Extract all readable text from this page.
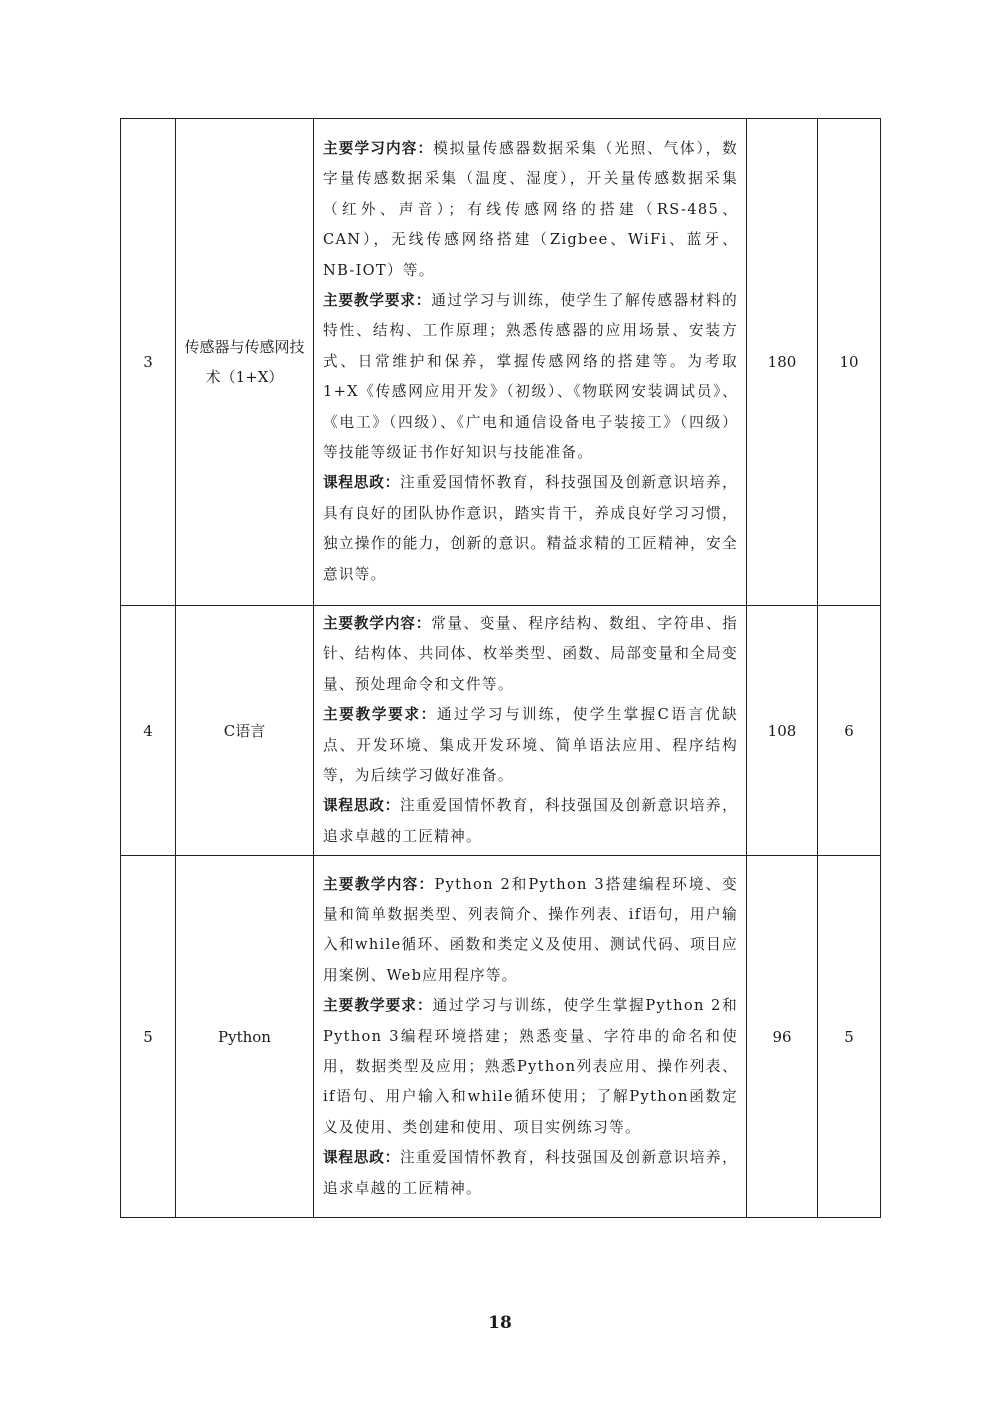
3	传感器与传感网技术（1+X）	主要学习内容：模拟量传感器数据采集（光照、气体），数字量传感数据采集（温度、湿度），开关量传感数据采集（红外、声音）；有线传感网络的搭建（RS-485、CAN），无线传感网络搭建（Zigbee、WiFi、蓝牙、NB-IOT）等。
主要教学要求：通过学习与训练，使学生了解传感器材料的特性、结构、工作原理；熟悉传感器的应用场景、安装方式、日常维护和保养，掌握传感网络的搭建等。为考取1+X《传感网应用开发》（初级）、《物联网安装调试员》、《电工》（四级）、《广电和通信设备电子装接工》（四级）等技能等级证书作好知识与技能准备。
课程思政：注重爱国情怀教育，科技强国及创新意识培养，具有良好的团队协作意识，踏实肯干，养成良好学习习惯，独立操作的能力，创新的意识。精益求精的工匠精神，安全意识等。	180	10
4	C语言	主要教学内容：常量、变量、程序结构、数组、字符串、指针、结构体、共同体、枚举类型、函数、局部变量和全局变量、预处理命令和文件等。
主要教学要求：通过学习与训练，使学生掌握C语言优缺点、开发环境、集成开发环境、简单语法应用、程序结构等，为后续学习做好准备。
课程思政：注重爱国情怀教育，科技强国及创新意识培养，追求卓越的工匠精神。	108	6
5	Python	主要教学内容：Python 2和Python 3搭建编程环境、变量和简单数据类型、列表简介、操作列表、if语句，用户输入和while循环、函数和类定义及使用、测试代码、项目应用案例、Web应用程序等。
主要教学要求：通过学习与训练，使学生掌握Python 2和Python 3编程环境搭建；熟悉变量、字符串的命名和使用，数据类型及应用；熟悉Python列表应用、操作列表、if语句、用户输入和while循环使用；了解Python函数定义及使用、类创建和使用、项目实例练习等。
课程思政：注重爱国情怀教育，科技强国及创新意识培养，追求卓越的工匠精神。	96	5
18
